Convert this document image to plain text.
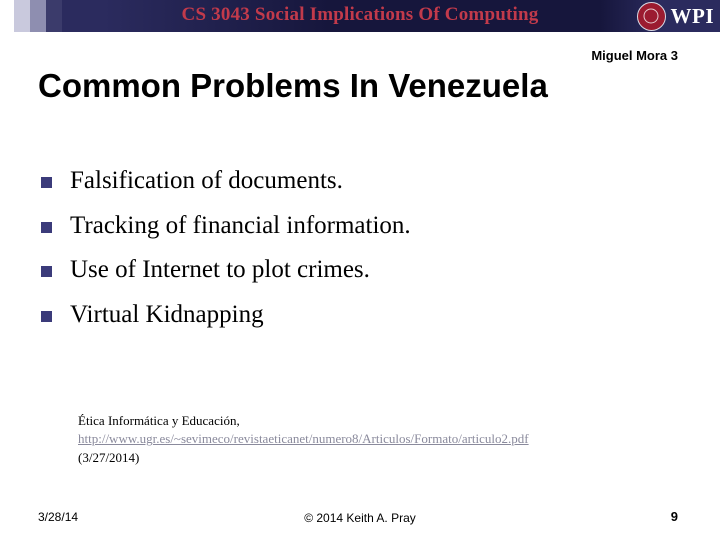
CS 3043 Social Implications Of Computing	WPI
Miguel Mora 3
Common Problems In Venezuela
Falsification of documents.
Tracking of financial information.
Use of Internet to plot crimes.
Virtual Kidnapping
Ética Informática y Educación,
http://www.ugr.es/~sevimeco/revistaeticanet/numero8/Articulos/Formato/articulo2.pdf
(3/27/2014)
3/28/14	© 2014 Keith A. Pray	9
